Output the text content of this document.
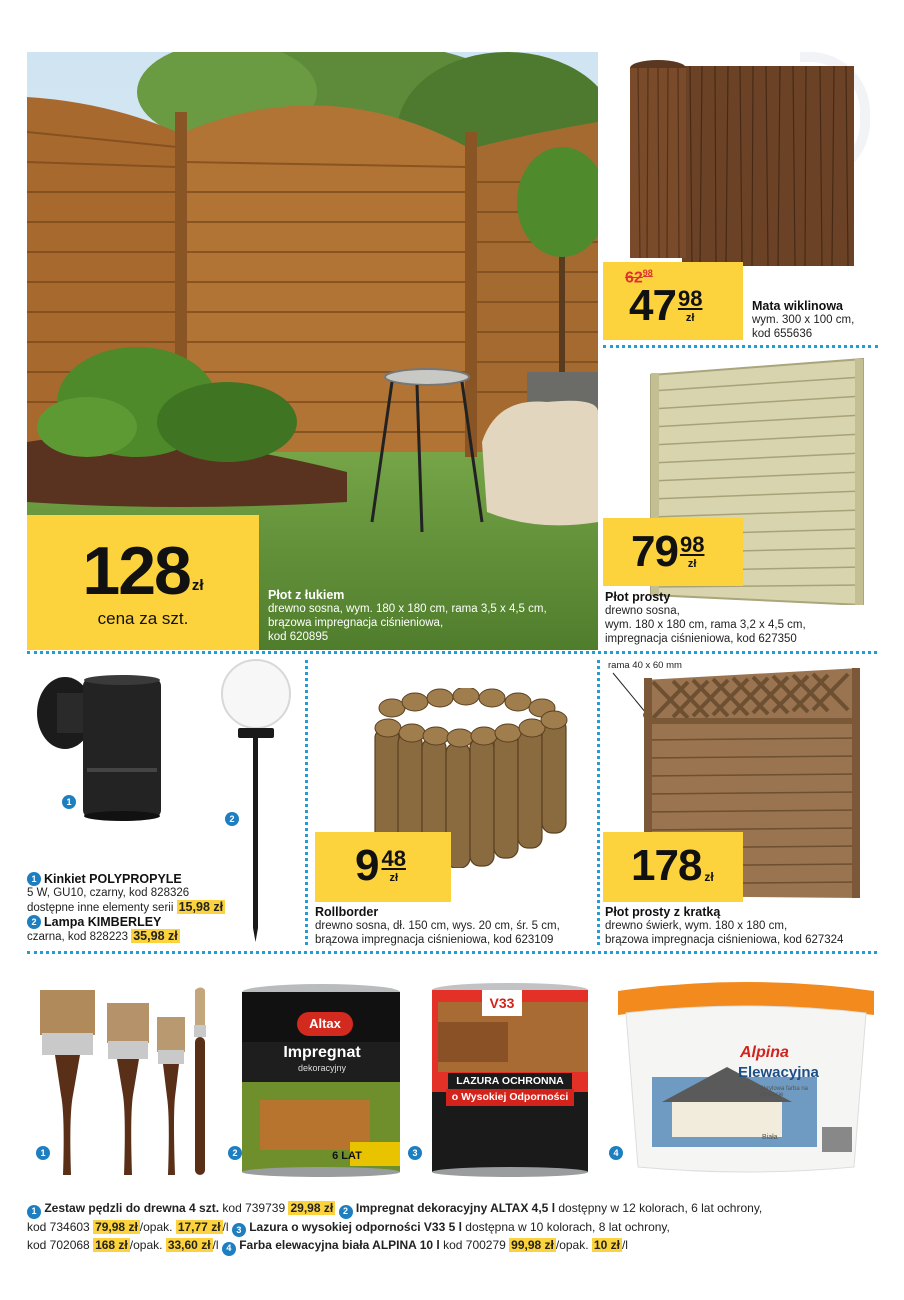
128 zł
cena za szt.
Płot z łukiem
drewno sosna, wym. 180 x 180 cm, rama 3,5 x 4,5 cm,
brązowa impregnacja ciśnieniowa,
kod 620895
$62^{98}$
47 98
zł
Mata wiklinowa
wym. 300 x 100 cm,
kod 655636
79 98
zł
Płot prosty
drewno sosna,
wym. 180 x 180 cm, rama 3,2 x 4,5 cm,
impregnacja ciśnieniowa, kod 627350
1
2
1 Kinkiet POLYPROPYLE
5 W, GU10, czarny, kod 828326
dostępne inne elementy serii 15,98 zł
2 Lampa KIMBERLEY
czarna, kod 828223 35,98 zł
9 48
zł
Rollborder
drewno sosna, dł. 150 cm, wys. 20 cm, śr. 5 cm,
brązowa impregnacja ciśnieniowa, kod 623109
rama 40 x 60 mm
178 zł
Płot prosty z kratką
drewno świerk, wym. 180 x 180 cm,
brązowa impregnacja ciśnieniowa, kod 627324
1
Altax
Impregnat
dekoracyjny
6 LAT
2
V33
LAZURA OCHRONNA
o Wysokiej Odporności
3
Alpina
Elewacyjna
Akrylowa farba na elewacje
Biała
4
1 Zestaw pędzli do drewna 4 szt. kod 739739 29,98 zł 2 Impregnat dekoracyjny ALTAX 4,5 l dostępny w 12 kolorach, 6 lat ochrony,
kod 734603 79,98 zł /opak. 17,77 zł /l 3 Lazura o wysokiej odporności V33 5 l dostępna w 10 kolorach, 8 lat ochrony,
kod 702068 168 zł /opak. 33,60 zł /l 4 Farba elewacyjna biała ALPINA 10 l kod 700279 99,98 zł /opak. 10 zł /l
